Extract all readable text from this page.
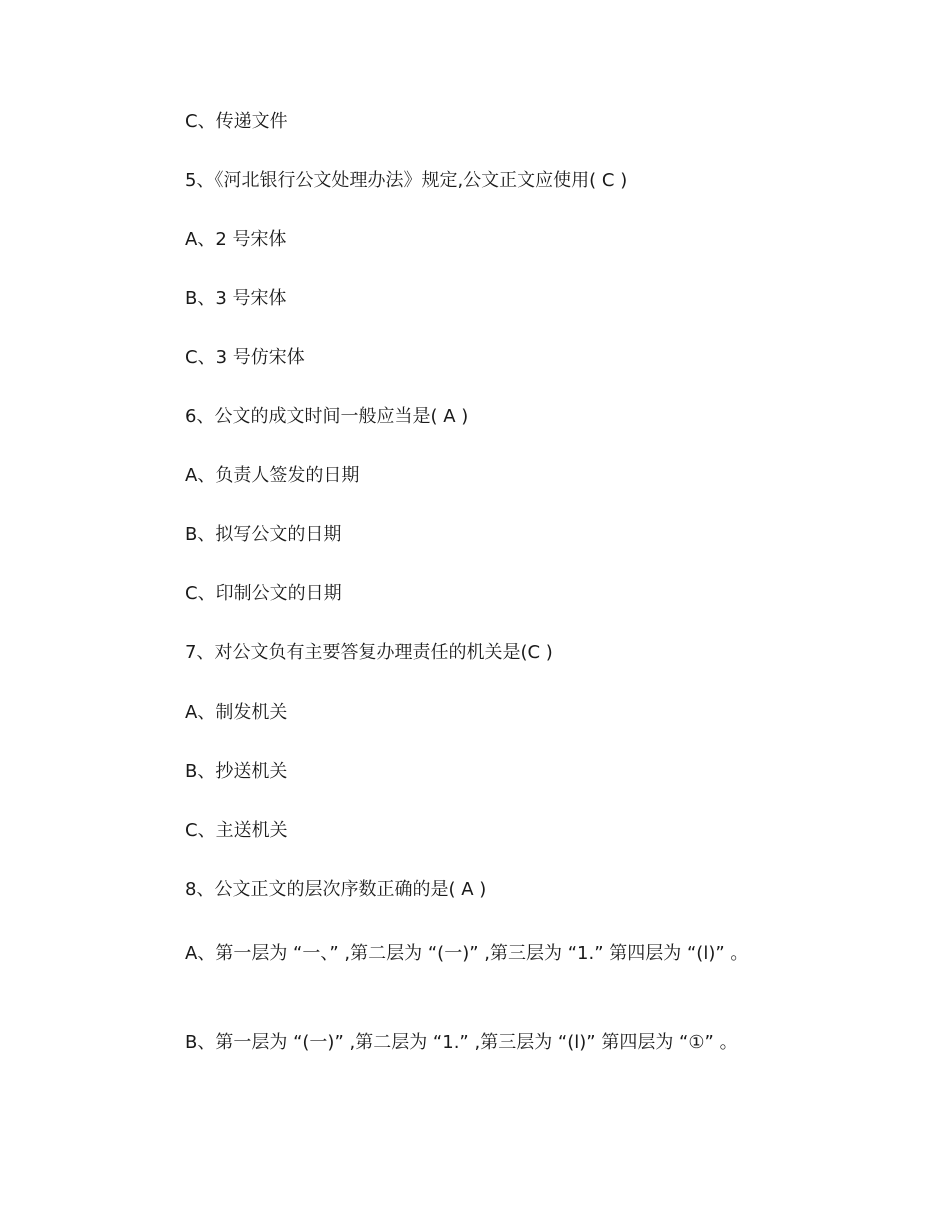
C、传递文件

5、《河北银行公文处理办法》规定,公文正文应使用( C )

A、2 号宋体

B、3 号宋体

C、3 号仿宋体

6、公文的成文时间一般应当是( A )

A、负责人签发的日期

B、拟写公文的日期

C、印制公文的日期

7、对公文负有主要答复办理责任的机关是(C )

A、制发机关

B、抄送机关

C、主送机关

8、公文正文的层次序数正确的是( A )

A、第一层为 “一、” ,第二层为 “(一)” ,第三层为 “1.” 第四层为 “(l)” 。

B、第一层为 “(一)” ,第二层为 “1.” ,第三层为 “(l)” 第四层为 “①” 。
